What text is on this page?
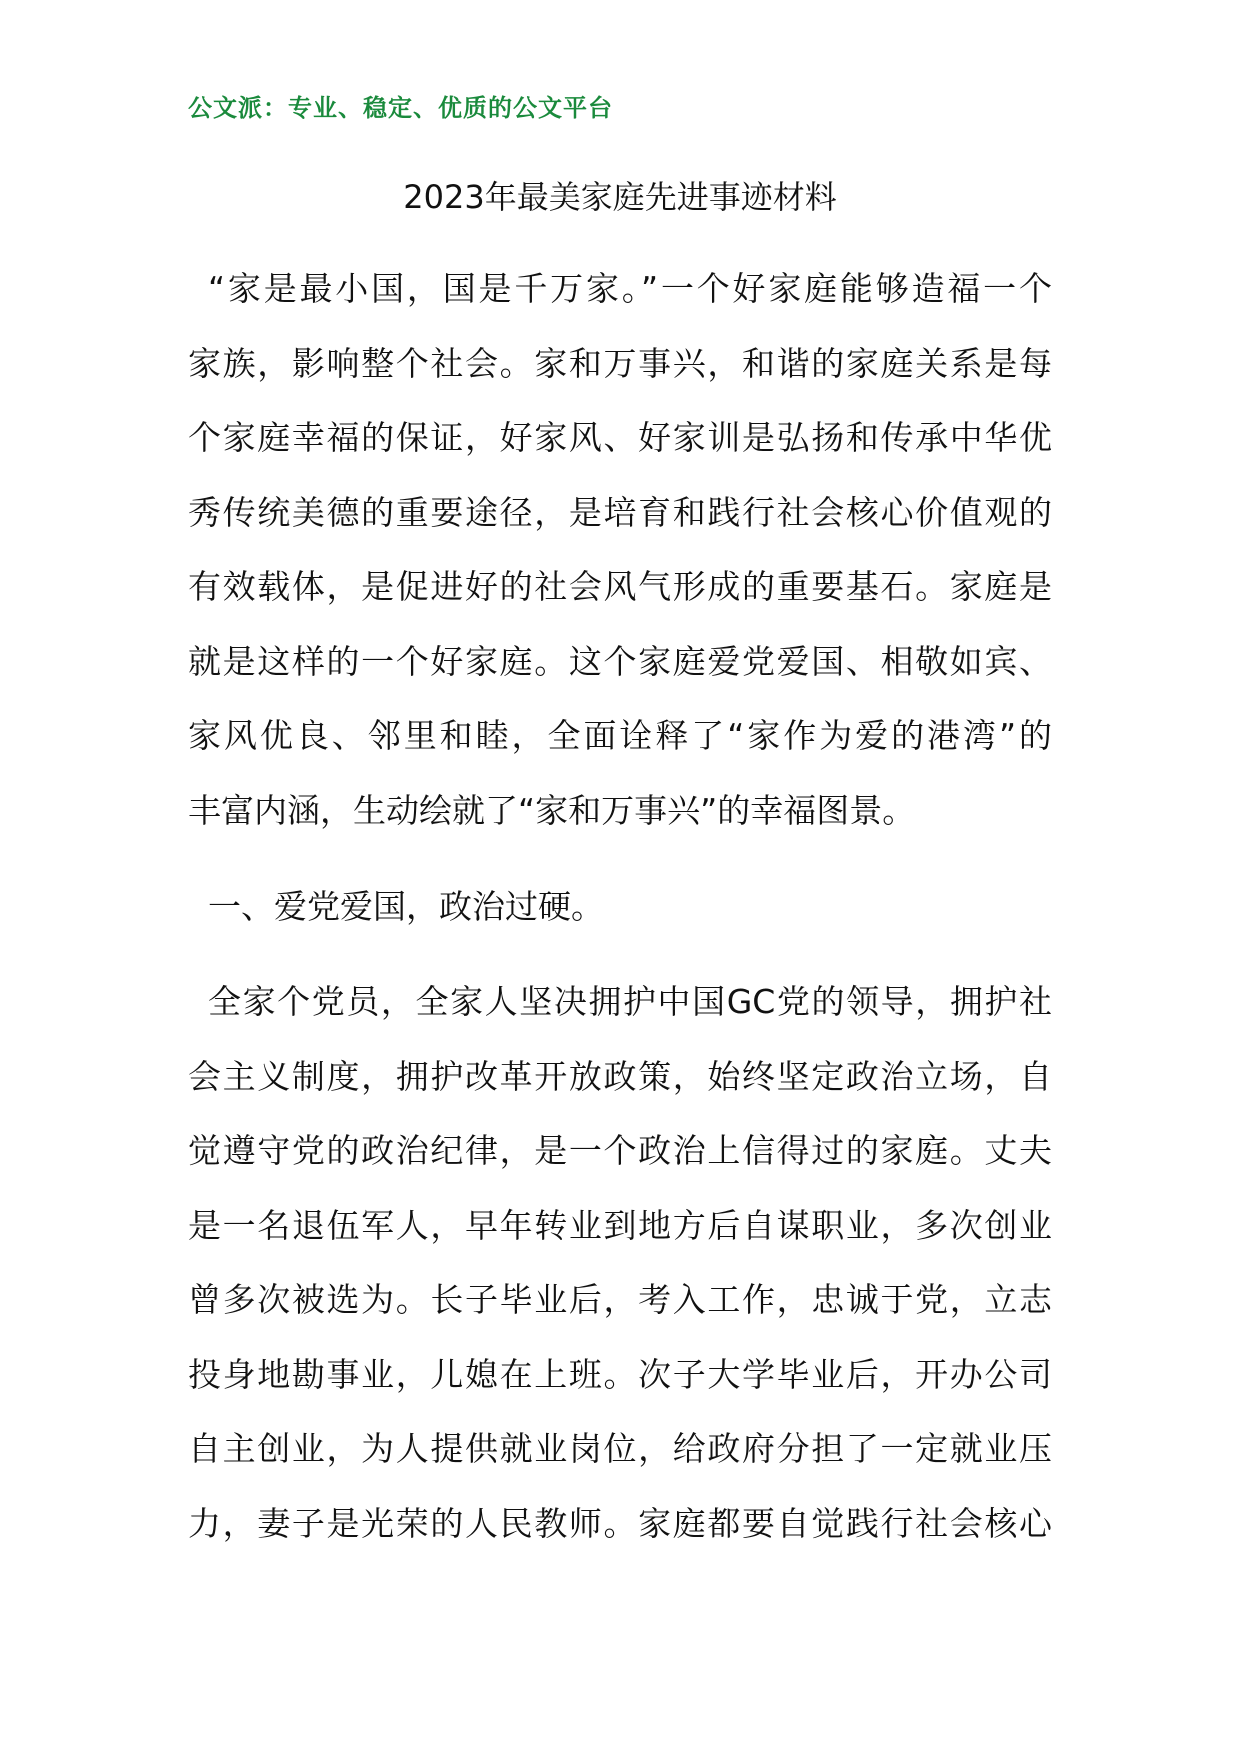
公文派：专业、稳定、优质的公文平台
2023年最美家庭先进事迹材料
“家是最小国，国是千万家。”一个好家庭能够造福一个
家族，影响整个社会。家和万事兴，和谐的家庭关系是每
个家庭幸福的保证，好家风、好家训是弘扬和传承中华优
秀传统美德的重要途径，是培育和践行社会核心价值观的
有效载体，是促进好的社会风气形成的重要基石。家庭是
就是这样的一个好家庭。这个家庭爱党爱国、相敬如宾、
家风优良、邻里和睦，全面诠释了“家作为爱的港湾”的
丰富内涵，生动绘就了“家和万事兴”的幸福图景。
一、爱党爱国，政治过硬。
全家个党员，全家人坚决拥护中国GC党的领导，拥护社
会主义制度，拥护改革开放政策，始终坚定政治立场，自
觉遵守党的政治纪律，是一个政治上信得过的家庭。丈夫
是一名退伍军人，早年转业到地方后自谋职业，多次创业
曾多次被选为。长子毕业后，考入工作，忠诚于党，立志
投身地勘事业，儿媳在上班。次子大学毕业后，开办公司
自主创业，为人提供就业岗位，给政府分担了一定就业压
力，妻子是光荣的人民教师。家庭都要自觉践行社会核心
